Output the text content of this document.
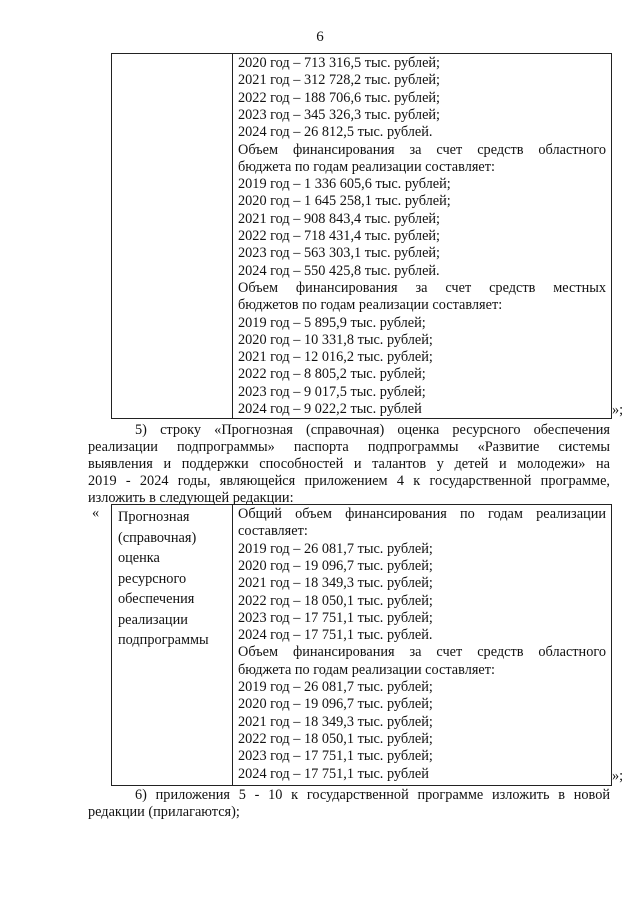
6
2020 год – 713 316,5 тыс. рублей;
2021 год – 312 728,2 тыс. рублей;
2022 год – 188 706,6 тыс. рублей;
2023 год – 345 326,3 тыс. рублей;
2024 год – 26 812,5 тыс. рублей.
Объем финансирования за счет средств областного
бюджета по годам реализации составляет:
2019 год – 1 336 605,6 тыс. рублей;
2020 год – 1 645 258,1 тыс. рублей;
2021 год – 908 843,4 тыс. рублей;
2022 год – 718 431,4 тыс. рублей;
2023 год – 563 303,1 тыс. рублей;
2024 год – 550 425,8 тыс. рублей.
Объем финансирования за счет средств местных
бюджетов по годам реализации составляет:
2019 год – 5 895,9 тыс. рублей;
2020 год – 10 331,8 тыс. рублей;
2021 год – 12 016,2 тыс. рублей;
2022 год – 8 805,2 тыс. рублей;
2023 год – 9 017,5 тыс. рублей;
2024 год – 9 022,2 тыс. рублей	»;
5) строку «Прогнозная (справочная) оценка ресурсного обеспечения
реализации подпрограммы» паспорта подпрограммы «Развитие системы
выявления и поддержки способностей и талантов у детей и молодежи» на
2019 - 2024 годы, являющейся приложением 4 к государственной программе,
изложить в следующей редакции:
« Прогнозная
(справочная)
оценка
ресурсного
обеспечения
реализации
подпрограммы
Общий объем финансирования по годам реализации
составляет:
2019 год – 26 081,7 тыс. рублей;
2020 год – 19 096,7 тыс. рублей;
2021 год – 18 349,3 тыс. рублей;
2022 год – 18 050,1 тыс. рублей;
2023 год – 17 751,1 тыс. рублей;
2024 год – 17 751,1 тыс. рублей.
Объем финансирования за счет средств областного
бюджета по годам реализации составляет:
2019 год – 26 081,7 тыс. рублей;
2020 год – 19 096,7 тыс. рублей;
2021 год – 18 349,3 тыс. рублей;
2022 год – 18 050,1 тыс. рублей;
2023 год – 17 751,1 тыс. рублей;
2024 год – 17 751,1 тыс. рублей	»;
6) приложения 5 - 10 к государственной программе изложить в новой
редакции (прилагаются);
